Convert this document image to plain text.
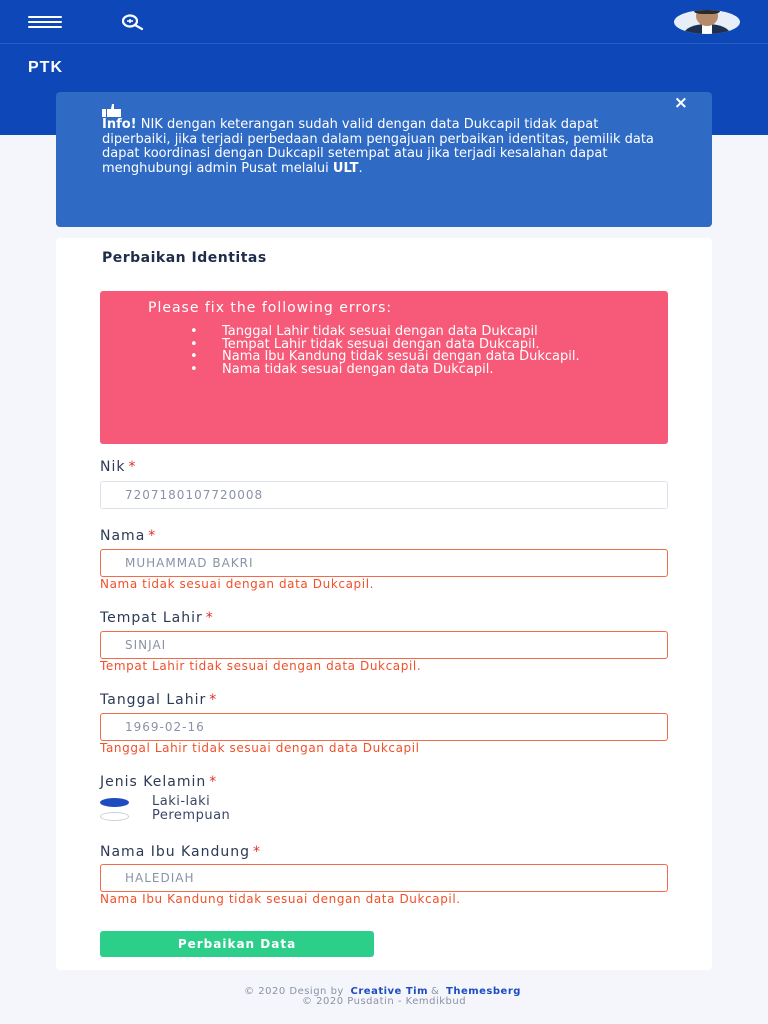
PTK
×
Info! NIK dengan keterangan sudah valid dengan data Dukcapil tidak dapat diperbaiki, jika terjadi perbedaan dalam pengajuan perbaikan identitas, pemilik data dapat koordinasi dengan Dukcapil setempat atau jika terjadi kesalahan dapat menghubungi admin Pusat melalui ULT.
Perbaikan Identitas
Please fix the following errors:
• Tanggal Lahir tidak sesuai dengan data Dukcapil
• Tempat Lahir tidak sesuai dengan data Dukcapil.
• Nama Ibu Kandung tidak sesuai dengan data Dukcapil.
• Nama tidak sesuai dengan data Dukcapil.
Nik *
7207180107720008
Nama *
MUHAMMAD BAKRI
Nama tidak sesuai dengan data Dukcapil.
Tempat Lahir *
SINJAI
Tempat Lahir tidak sesuai dengan data Dukcapil.
Tanggal Lahir *
1969-02-16
Tanggal Lahir tidak sesuai dengan data Dukcapil
Jenis Kelamin *
Laki-laki
Perempuan
Nama Ibu Kandung *
HALEDIAH
Nama Ibu Kandung tidak sesuai dengan data Dukcapil.
Perbaikan Data
© 2020 Design by Creative Tim & Themesberg
© 2020 Pusdatin - Kemdikbud
